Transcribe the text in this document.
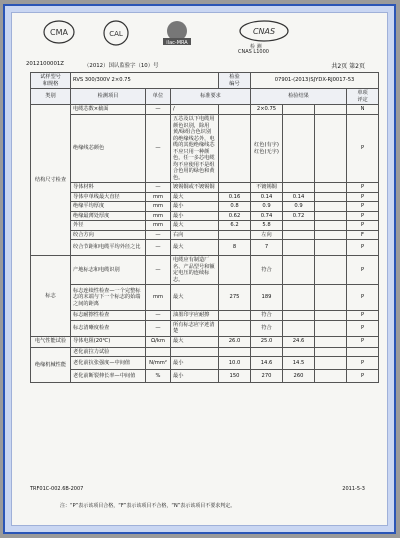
CMA	CAL
ilac-MRA
CNAS
检 测
CNAS L1000
2012100001Z	（2012）国认监验字（10）号	共2页 第2页
试样型号
和规格	RVS 300/300V 2×0.75			检验
编号	07901-(2013)SJYDX-RJ0017-53			
类别	检测项目	单位	标准要求		检验结果			单项
评定
结构尺寸检查	电缆芯数×截面	—	/		2×0.75			N
	绝缘线芯颜色	—	五芯及以下电缆用颜色识别，除用黄/绿组合色识别的绝缘线芯外，电缆的其他绝缘线芯不应只用一种颜色，任一多芯电缆均不应使用不是组合色用的绿色和黄色。		红色(有字) 红色(无字)			P
	导体材料	—	镀锡铜或不镀锡铜		不镀锡铜			P
	导体中单线最大直径	mm	最大	0.16	0.14	0.14		P
	绝缘平均厚度	mm	最小	0.8	0.9	0.9		P
	绝缘最薄处厚度	mm	最小	0.62	0.74	0.72		P
	外径	mm	最大	6.2	5.8			P
	绞合方向	—	右向		左向			F
	绞合节距和电缆平均外径之比	—	最大	8	7			P
标志	产地标志和电缆识别	—	电缆应有制造厂名、产品型号和额定电压的连续标志。		符合			P
	标志连续性检查—一个完整标志的末端与下一个标志的始端之间的距离	mm	最大	275	189			P
	标志耐擦性检查	—	油墨印字应耐擦		符合			P
	标志清晰度检查	—	所有标志应字迹清楚		符合			P
电气性能试验	导体电阻(20℃)	Ω/km	最大	26.0	25.0	24.6		P
绝缘机械性能	老化前拉力试验							
	老化前抗张强度—中间值	N/mm²	最小	10.0	14.6	14.5		P
	老化前断裂伸长率—中间值	%	最小	150	270	260		P
TRF01C-002.6B-2007	2011-5-3
注：“P”表示该项目合格，“F”表示该项目不合格，“N”表示该项目不要求判定。
